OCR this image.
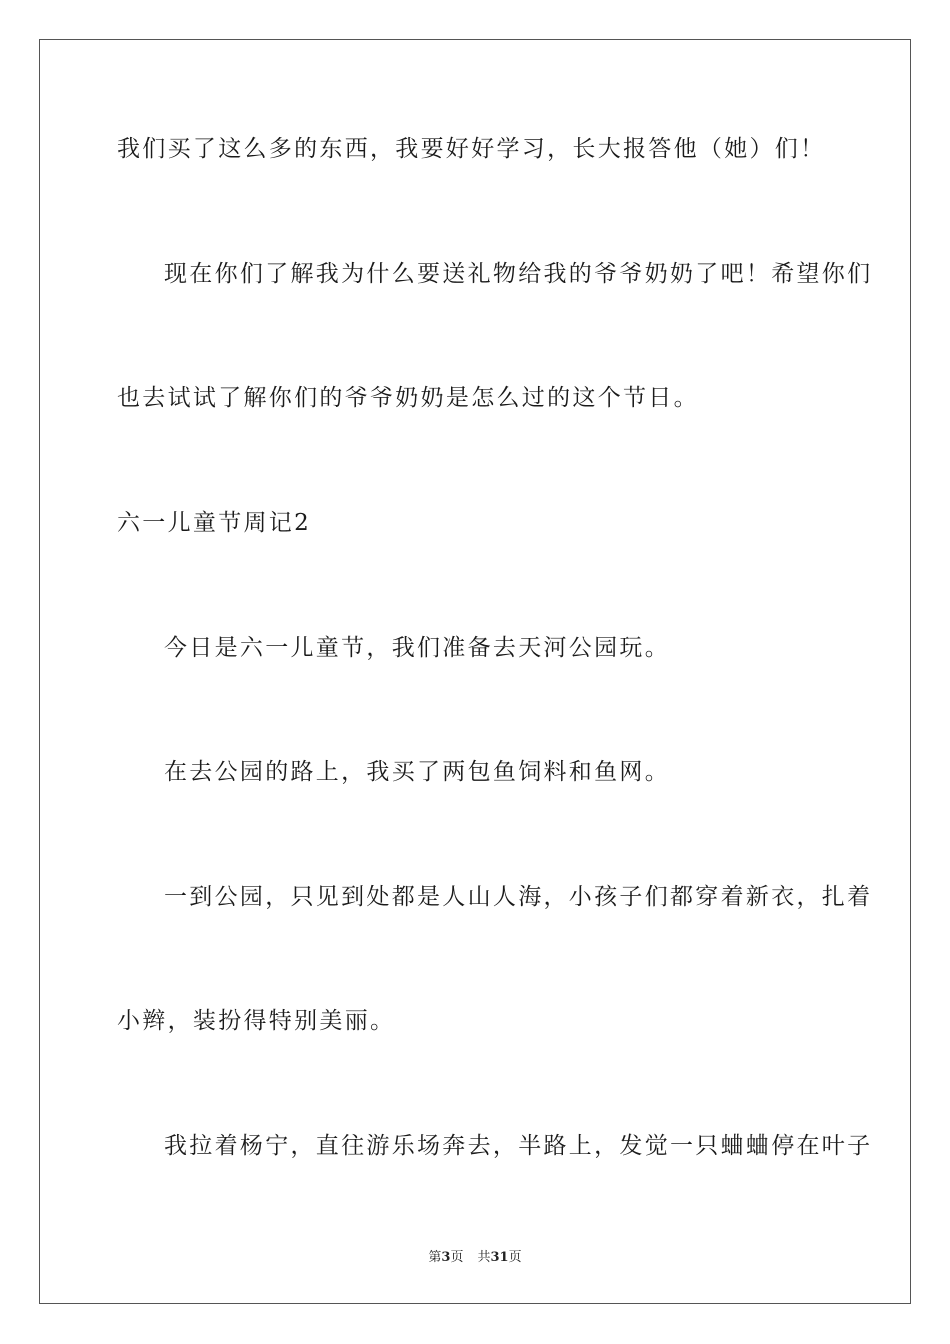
我们买了这么多的东西，我要好好学习，长大报答他（她）们！
现在你们了解我为什么要送礼物给我的爷爷奶奶了吧！希望你们
也去试试了解你们的爷爷奶奶是怎么过的这个节日。
六一儿童节周记2
今日是六一儿童节，我们准备去天河公园玩。
在去公园的路上，我买了两包鱼饲料和鱼网。
一到公园，只见到处都是人山人海，小孩子们都穿着新衣，扎着
小辫，装扮得特别美丽。
我拉着杨宁，直往游乐场奔去，半路上，发觉一只蛐蛐停在叶子
第3页 共31页
